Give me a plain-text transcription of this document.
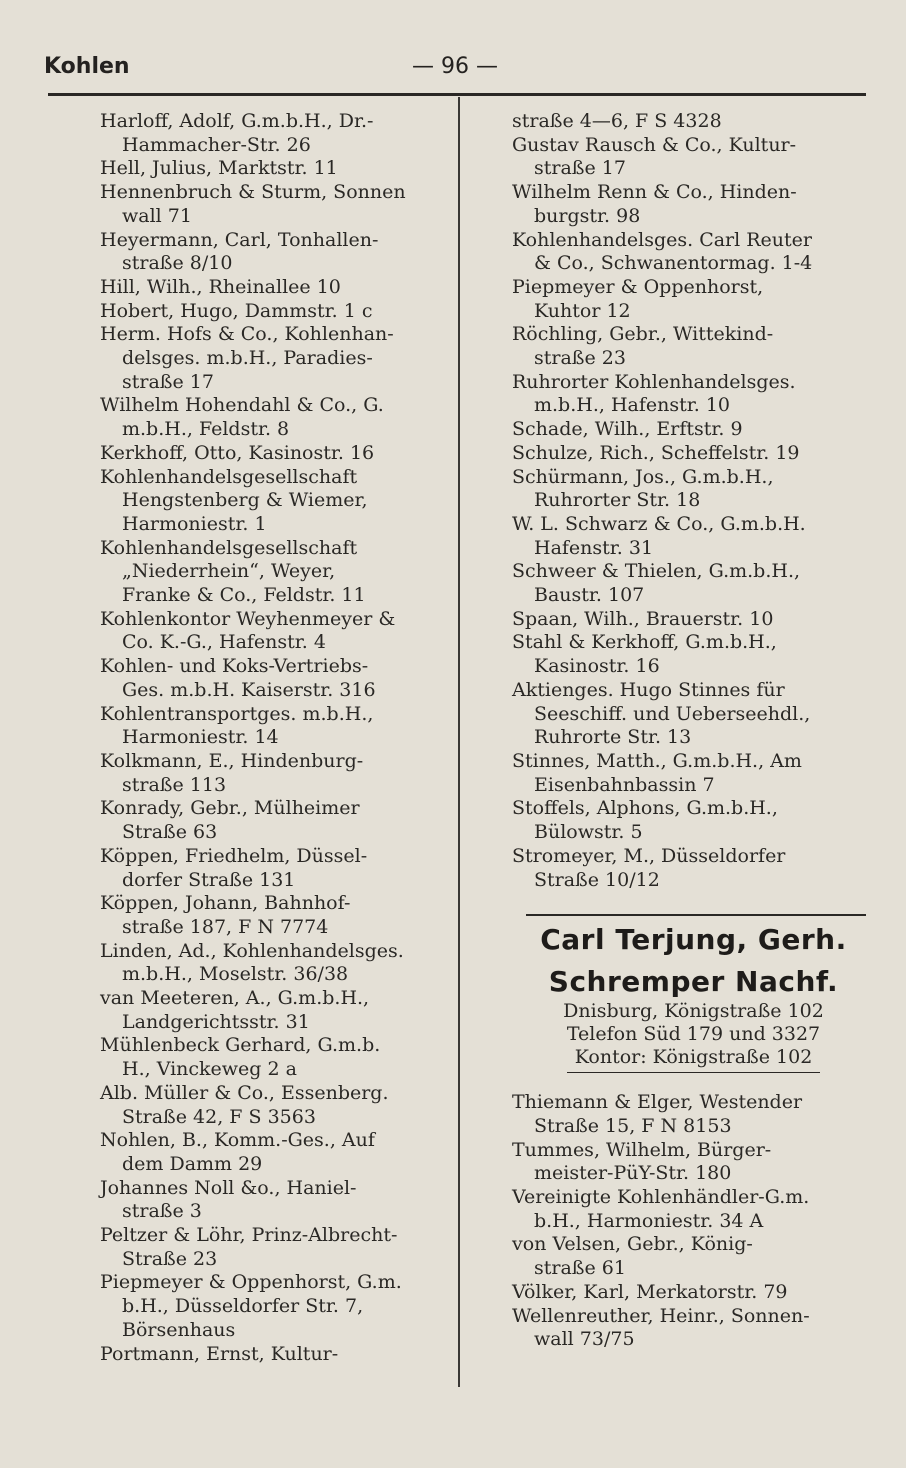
Kohlen	— 96 —
Harloff, Adolf, G.m.b.H., Dr.-
Hammacher-Str. 26
Hell, Julius, Marktstr. 11
Hennenbruch & Sturm, Sonnen
wall 71
Heyermann, Carl, Tonhallen-
straße 8/10
Hill, Wilh., Rheinallee 10
Hobert, Hugo, Dammstr. 1 c
Herm. Hofs & Co., Kohlenhan-
delsges. m.b.H., Paradies-
straße 17
Wilhelm Hohendahl & Co., G.
m.b.H., Feldstr. 8
Kerkhoff, Otto, Kasinostr. 16
Kohlenhandelsgesellschaft
Hengstenberg & Wiemer,
Harmoniestr. 1
Kohlenhandelsgesellschaft
„Niederrhein“, Weyer,
Franke & Co., Feldstr. 11
Kohlenkontor Weyhenmeyer &
Co. K.-G., Hafenstr. 4
Kohlen- und Koks-Vertriebs-
Ges. m.b.H. Kaiserstr. 316
Kohlentransportges. m.b.H.,
Harmoniestr. 14
Kolkmann, E., Hindenburg-
straße 113
Konrady, Gebr., Mülheimer
Straße 63
Köppen, Friedhelm, Düssel-
dorfer Straße 131
Köppen, Johann, Bahnhof-
straße 187, F N 7774
Linden, Ad., Kohlenhandelsges.
m.b.H., Moselstr. 36/38
van Meeteren, A., G.m.b.H.,
Landgerichtsstr. 31
Mühlenbeck Gerhard, G.m.b.
H., Vinckeweg 2 a
Alb. Müller & Co., Essenberg.
Straße 42, F S 3563
Nohlen, B., Komm.-Ges., Auf
dem Damm 29
Johannes Noll &o., Haniel-
straße 3
Peltzer & Löhr, Prinz-Albrecht-
Straße 23
Piepmeyer & Oppenhorst, G.m.
b.H., Düsseldorfer Str. 7,
Börsenhaus
Portmann, Ernst, Kultur-
straße 4—6, F S 4328
Gustav Rausch & Co., Kultur-
straße 17
Wilhelm Renn & Co., Hinden-
burgstr. 98
Kohlenhandelsges. Carl Reuter
& Co., Schwanentormag. 1-4
Piepmeyer & Oppenhorst,
Kuhtor 12
Röchling, Gebr., Wittekind-
straße 23
Ruhrorter Kohlenhandelsges.
m.b.H., Hafenstr. 10
Schade, Wilh., Erftstr. 9
Schulze, Rich., Scheffelstr. 19
Schürmann, Jos., G.m.b.H.,
Ruhrorter Str. 18
W. L. Schwarz & Co., G.m.b.H.
Hafenstr. 31
Schweer & Thielen, G.m.b.H.,
Baustr. 107
Spaan, Wilh., Brauerstr. 10
Stahl & Kerkhoff, G.m.b.H.,
Kasinostr. 16
Aktienges. Hugo Stinnes für
Seeschiff. und Ueberseehdl.,
Ruhrorte Str. 13
Stinnes, Matth., G.m.b.H., Am
Eisenbahnbassin 7
Stoffels, Alphons, G.m.b.H.,
Bülowstr. 5
Stromeyer, M., Düsseldorfer
Straße 10/12
Carl Terjung, Gerh.
Schremper Nachf.
Dnisburg, Königstraße 102
Telefon Süd 179 und 3327
Kontor: Königstraße 102
Thiemann & Elger, Westender
Straße 15, F N 8153
Tummes, Wilhelm, Bürger-
meister-PüY-Str. 180
Vereinigte Kohlenhändler-G.m.
b.H., Harmoniestr. 34 A
von Velsen, Gebr., König-
straße 61
Völker, Karl, Merkatorstr. 79
Wellenreuther, Heinr., Sonnen-
wall 73/75
